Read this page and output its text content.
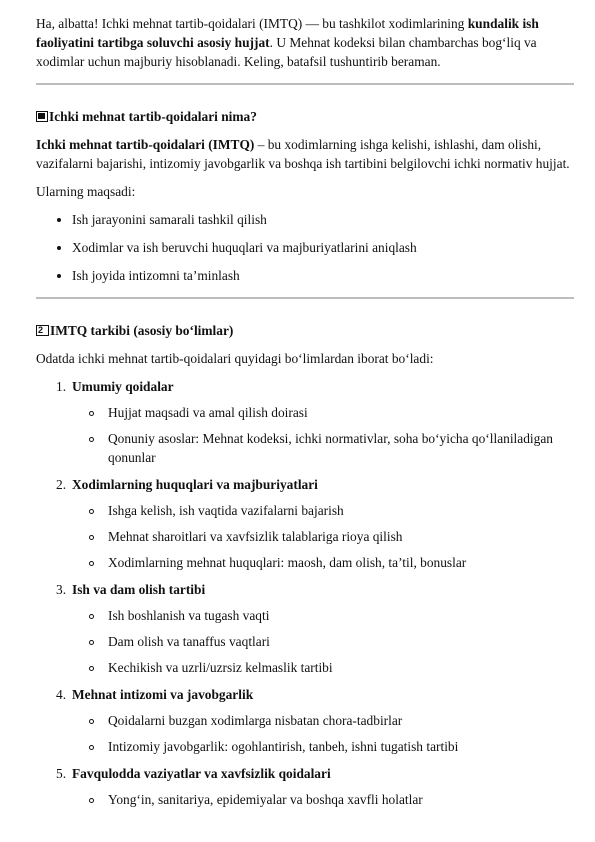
Ha, albatta! Ichki mehnat tartib-qoidalari (IMTQ) — bu tashkilot xodimlarining kundalik ish faoliyatini tartibga soluvchi asosiy hujjat. U Mehnat kodeksi bilan chambarchas bog‘liq va xodimlar uchun majburiy hisoblanadi. Keling, batafsil tushuntirib beraman.

Ichki mehnat tartib-qoidalari nima?

Ichki mehnat tartib-qoidalari (IMTQ) – bu xodimlarning ishga kelishi, ishlashi, dam olishi, vazifalarni bajarishi, intizomiy javobgarlik va boshqa ish tartibini belgilovchi ichki normativ hujjat.

Ularning maqsadi:

Ish jarayonini samarali tashkil qilish
Xodimlar va ish beruvchi huquqlari va majburiyatlarini aniqlash
Ish joyida intizomni ta’minlash
2 IMTQ tarkibi (asosiy bo‘limlar)

Odatda ichki mehnat tartib-qoidalari quyidagi bo‘limlardan iborat bo‘ladi:

1. Umumiy qoidalar
Hujjat maqsadi va amal qilish doirasi
Qonuniy asoslar: Mehnat kodeksi, ichki normativlar, soha bo‘yicha qo‘llaniladigan qonunlar
2. Xodimlarning huquqlari va majburiyatlari
Ishga kelish, ish vaqtida vazifalarni bajarish
Mehnat sharoitlari va xavfsizlik talablariga rioya qilish
Xodimlarning mehnat huquqlari: maosh, dam olish, ta’til, bonuslar
3. Ish va dam olish tartibi
Ish boshlanish va tugash vaqti
Dam olish va tanaffus vaqtlari
Kechikish va uzrli/uzrsiz kelmaslik tartibi
4. Mehnat intizomi va javobgarlik
Qoidalarni buzgan xodimlarga nisbatan chora-tadbirlar
Intizomiy javobgarlik: ogohlantirish, tanbeh, ishni tugatish tartibi
5. Favqulodda vaziyatlar va xavfsizlik qoidalari
Yong‘in, sanitariya, epidemiyalar va boshqa xavfli holatlar
